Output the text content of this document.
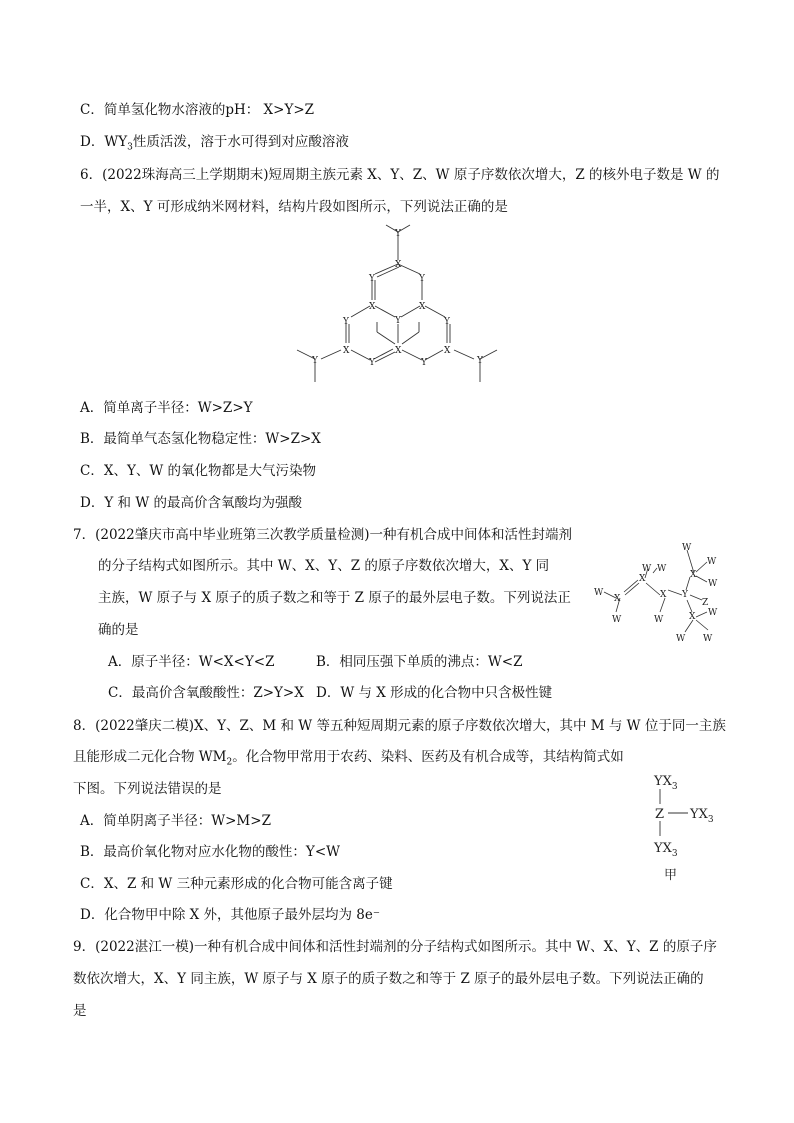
C．简单氢化物水溶液的pH： X>Y>Z
D．$WY_3$性质活泼，溶于水可得到对应酸溶液
6．(2022珠海高三上学期期末)短周期主族元素 X、Y、Z、W 原子序数依次增大，Z 的核外电子数是 W 的
一半，X、Y 可形成纳米网材料，结构片段如图所示，下列说法正确的是
Y
X
Y	Y
X	X
Y
Y	Y
X	X	X
Y	Y
Y	Y
A．简单离子半径：W>Z>Y
B．最简单气态氢化物稳定性：W>Z>X
C．X、Y、W 的氧化物都是大气污染物
D．Y 和 W 的最高价含氧酸均为强酸
7．(2022肇庆市高中毕业班第三次教学质量检测)一种有机合成中间体和活性封端剂
的分子结构式如图所示。其中 W、X、Y、Z 的原子序数依次增大，X、Y 同
主族，W 原子与 X 原子的质子数之和等于 Z 原子的最外层电子数。下列说法正
确的是
A．原子半径：W<X<Y<Z	B．相同压强下单质的沸点：W<Z
C．最高价含氧酸酸性：Z>Y>X D．W 与 X 形成的化合物中只含极性键
W
X
W
X
W W
X
W
Y
Z
X
W
W
W
X W
W W
8．(2022肇庆二模)X、Y、Z、M 和 W 等五种短周期元素的原子序数依次增大，其中 M 与 W 位于同一主族
且能形成二元化合物 $WM_2$。化合物甲常用于农药、染料、医药及有机合成等，其结构简式如
下图。下列说法错误的是
A．简单阴离子半径：W>M>Z
B．最高价氧化物对应水化物的酸性：Y<W
C．X、Z 和 W 三种元素形成的化合物可能含离子键
D．化合物甲中除 X 外，其他原子最外层均为 8e⁻
$YX_3$
Z $YX_3$
$YX_3$
甲
9．(2022湛江一模)一种有机合成中间体和活性封端剂的分子结构式如图所示。其中 W、X、Y、Z 的原子序
数依次增大，X、Y 同主族，W 原子与 X 原子的质子数之和等于 Z 原子的最外层电子数。下列说法正确的
是
